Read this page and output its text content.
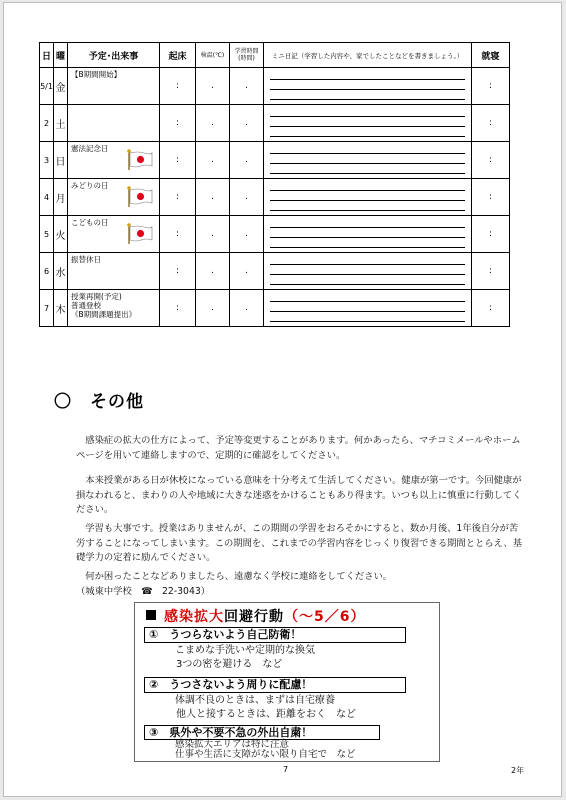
日	曜	予定･出来事	起床	検温(℃)	学習時間
(時間)	ミニ日記（学習した内容や、家でしたことなどを書きましょう。）	就寝
5/1	金	【B期間開始】	:	.	.		:
2	土		:	.	.		:
3	日	憲法記念日	:	.	.		:
4	月	みどりの日	:	.	.		:
5	火	こどもの日	:	.	.		:
6	水	振替休日	:	.	.		:
7	木	授業再開(予定)
普通登校
《B期間課題提出》	:	.	.		:
〇　その他

　感染症の拡大の仕方によって、予定等変更することがあります。何かあったら、マチコミメールやホームページを用いて連絡しますので、定期的に確認をしてください。

　本来授業がある日が休校になっている意味を十分考えて生活してください。健康が第一です。今回健康が損なわれると、まわりの人や地域に大きな迷惑をかけることもあり得ます。いつも以上に慎重に行動してください。

　学習も大事です。授業はありませんが、この期間の学習をおろそかにすると、数か月後、1年後自分が苦労することになってしまいます。この期間を、これまでの学習内容をじっくり復習できる期間ととらえ、基礎学力の定着に励んでください。

　何か困ったことなどありましたら、遠慮なく学校に連絡をしてください。

（城東中学校　☎　22-3043）

感染拡大回避行動（～5／6）
①　うつらないよう自己防衛！
こまめな手洗いや定期的な換気
3つの密を避ける　など
②　うつさないよう周りに配慮！
体調不良のときは、まずは自宅療養
他人と接するときは、距離をおく　など
③　県外や不要不急の外出自粛！
感染拡大エリアは特に注意
仕事や生活に支障がない限り自宅で　など
7	2年
